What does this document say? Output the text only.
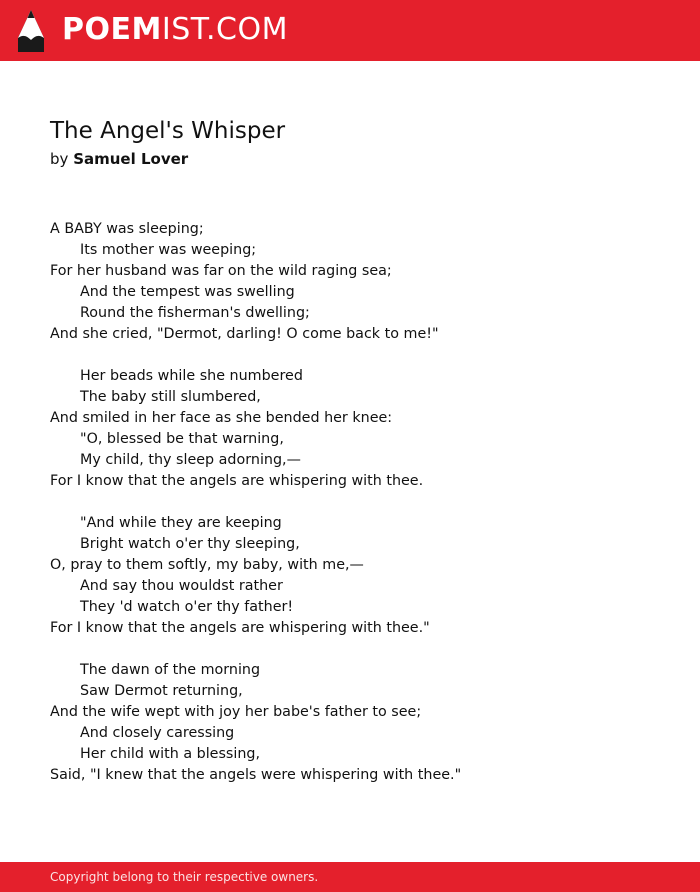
POEMIST.COM
The Angel's Whisper
by Samuel Lover
A BABY was sleeping;
Its mother was weeping;
For her husband was far on the wild raging sea;
And the tempest was swelling
Round the fisherman's dwelling;
And she cried, "Dermot, darling! O come back to me!"
Her beads while she numbered
The baby still slumbered,
And smiled in her face as she bended her knee:
"O, blessed be that warning,
My child, thy sleep adorning,—
For I know that the angels are whispering with thee.
"And while they are keeping
Bright watch o'er thy sleeping,
O, pray to them softly, my baby, with me,—
And say thou wouldst rather
They 'd watch o'er thy father!
For I know that the angels are whispering with thee."
The dawn of the morning
Saw Dermot returning,
And the wife wept with joy her babe's father to see;
And closely caressing
Her child with a blessing,
Said, "I knew that the angels were whispering with thee."
Copyright belong to their respective owners.
